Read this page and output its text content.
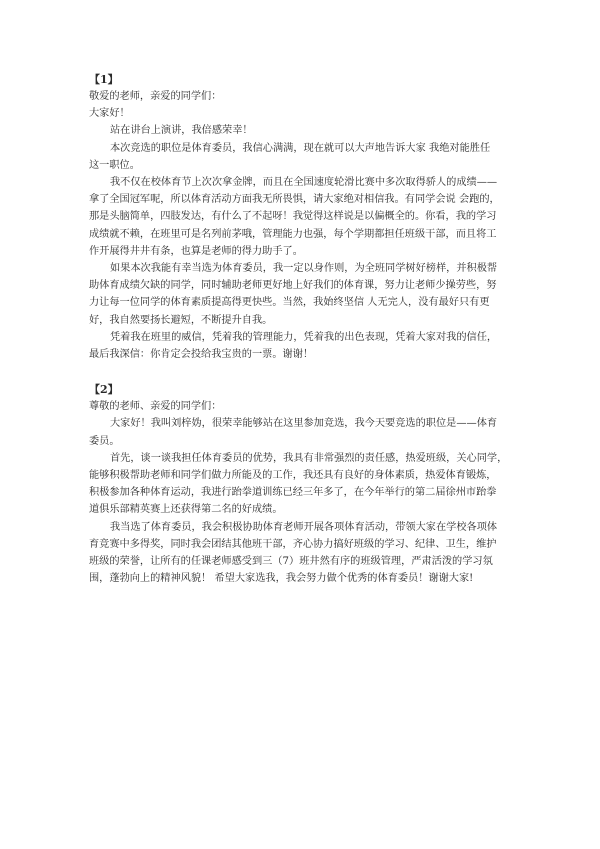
【1】
敬爱的老师，亲爱的同学们：
大家好！
站在讲台上演讲，我倍感荣幸！
本次竞选的职位是体育委员，我信心满满，现在就可以大声地告诉大家 我绝对能胜任
这一职位。
我不仅在校体育节上次次拿金牌，而且在全国速度轮滑比赛中多次取得骄人的成绩——
拿了全国冠军呢，所以体育活动方面我无所畏惧，请大家绝对相信我。有同学会说 会跑的，
那是头脑简单，四肢发达，有什么了不起呀！我觉得这样说是以偏概全的。你看，我的学习
成绩就不赖，在班里可是名列前茅哦，管理能力也强，每个学期都担任班级干部，而且将工
作开展得井井有条，也算是老师的得力助手了。
如果本次我能有幸当选为体育委员，我一定以身作则，为全班同学树好榜样，并积极帮
助体育成绩欠缺的同学，同时辅助老师更好地上好我们的体育课，努力让老师少操劳些，努
力让每一位同学的体育素质提高得更快些。当然，我始终坚信 人无完人，没有最好只有更
好，我自然要扬长避短，不断提升自我。
凭着我在班里的威信，凭着我的管理能力，凭着我的出色表现，凭着大家对我的信任，
最后我深信：你肯定会投给我宝贵的一票。谢谢！
【2】
尊敬的老师、亲爱的同学们：
大家好！我叫刘梓妫，很荣幸能够站在这里参加竞选，我今天要竞选的职位是——体育
委员。
首先，谈一谈我担任体育委员的优势，我具有非常强烈的责任感，热爱班级，关心同学，
能够积极帮助老师和同学们做力所能及的工作，我还具有良好的身体素质，热爱体育锻炼，
积极参加各种体育运动，我进行跆拳道训练已经三年多了，在今年举行的第二届徐州市跆拳
道俱乐部精英赛上还获得第二名的好成绩。
我当选了体育委员，我会积极协助体育老师开展各项体育活动，带领大家在学校各项体
育竞赛中多得奖，同时我会团结其他班干部，齐心协力搞好班级的学习、纪律、卫生，维护
班级的荣誉，让所有的任课老师感受到三（7）班井然有序的班级管理，严肃活泼的学习氛
围，蓬勃向上的精神风貌！ 希望大家选我，我会努力做个优秀的体育委员！谢谢大家!
